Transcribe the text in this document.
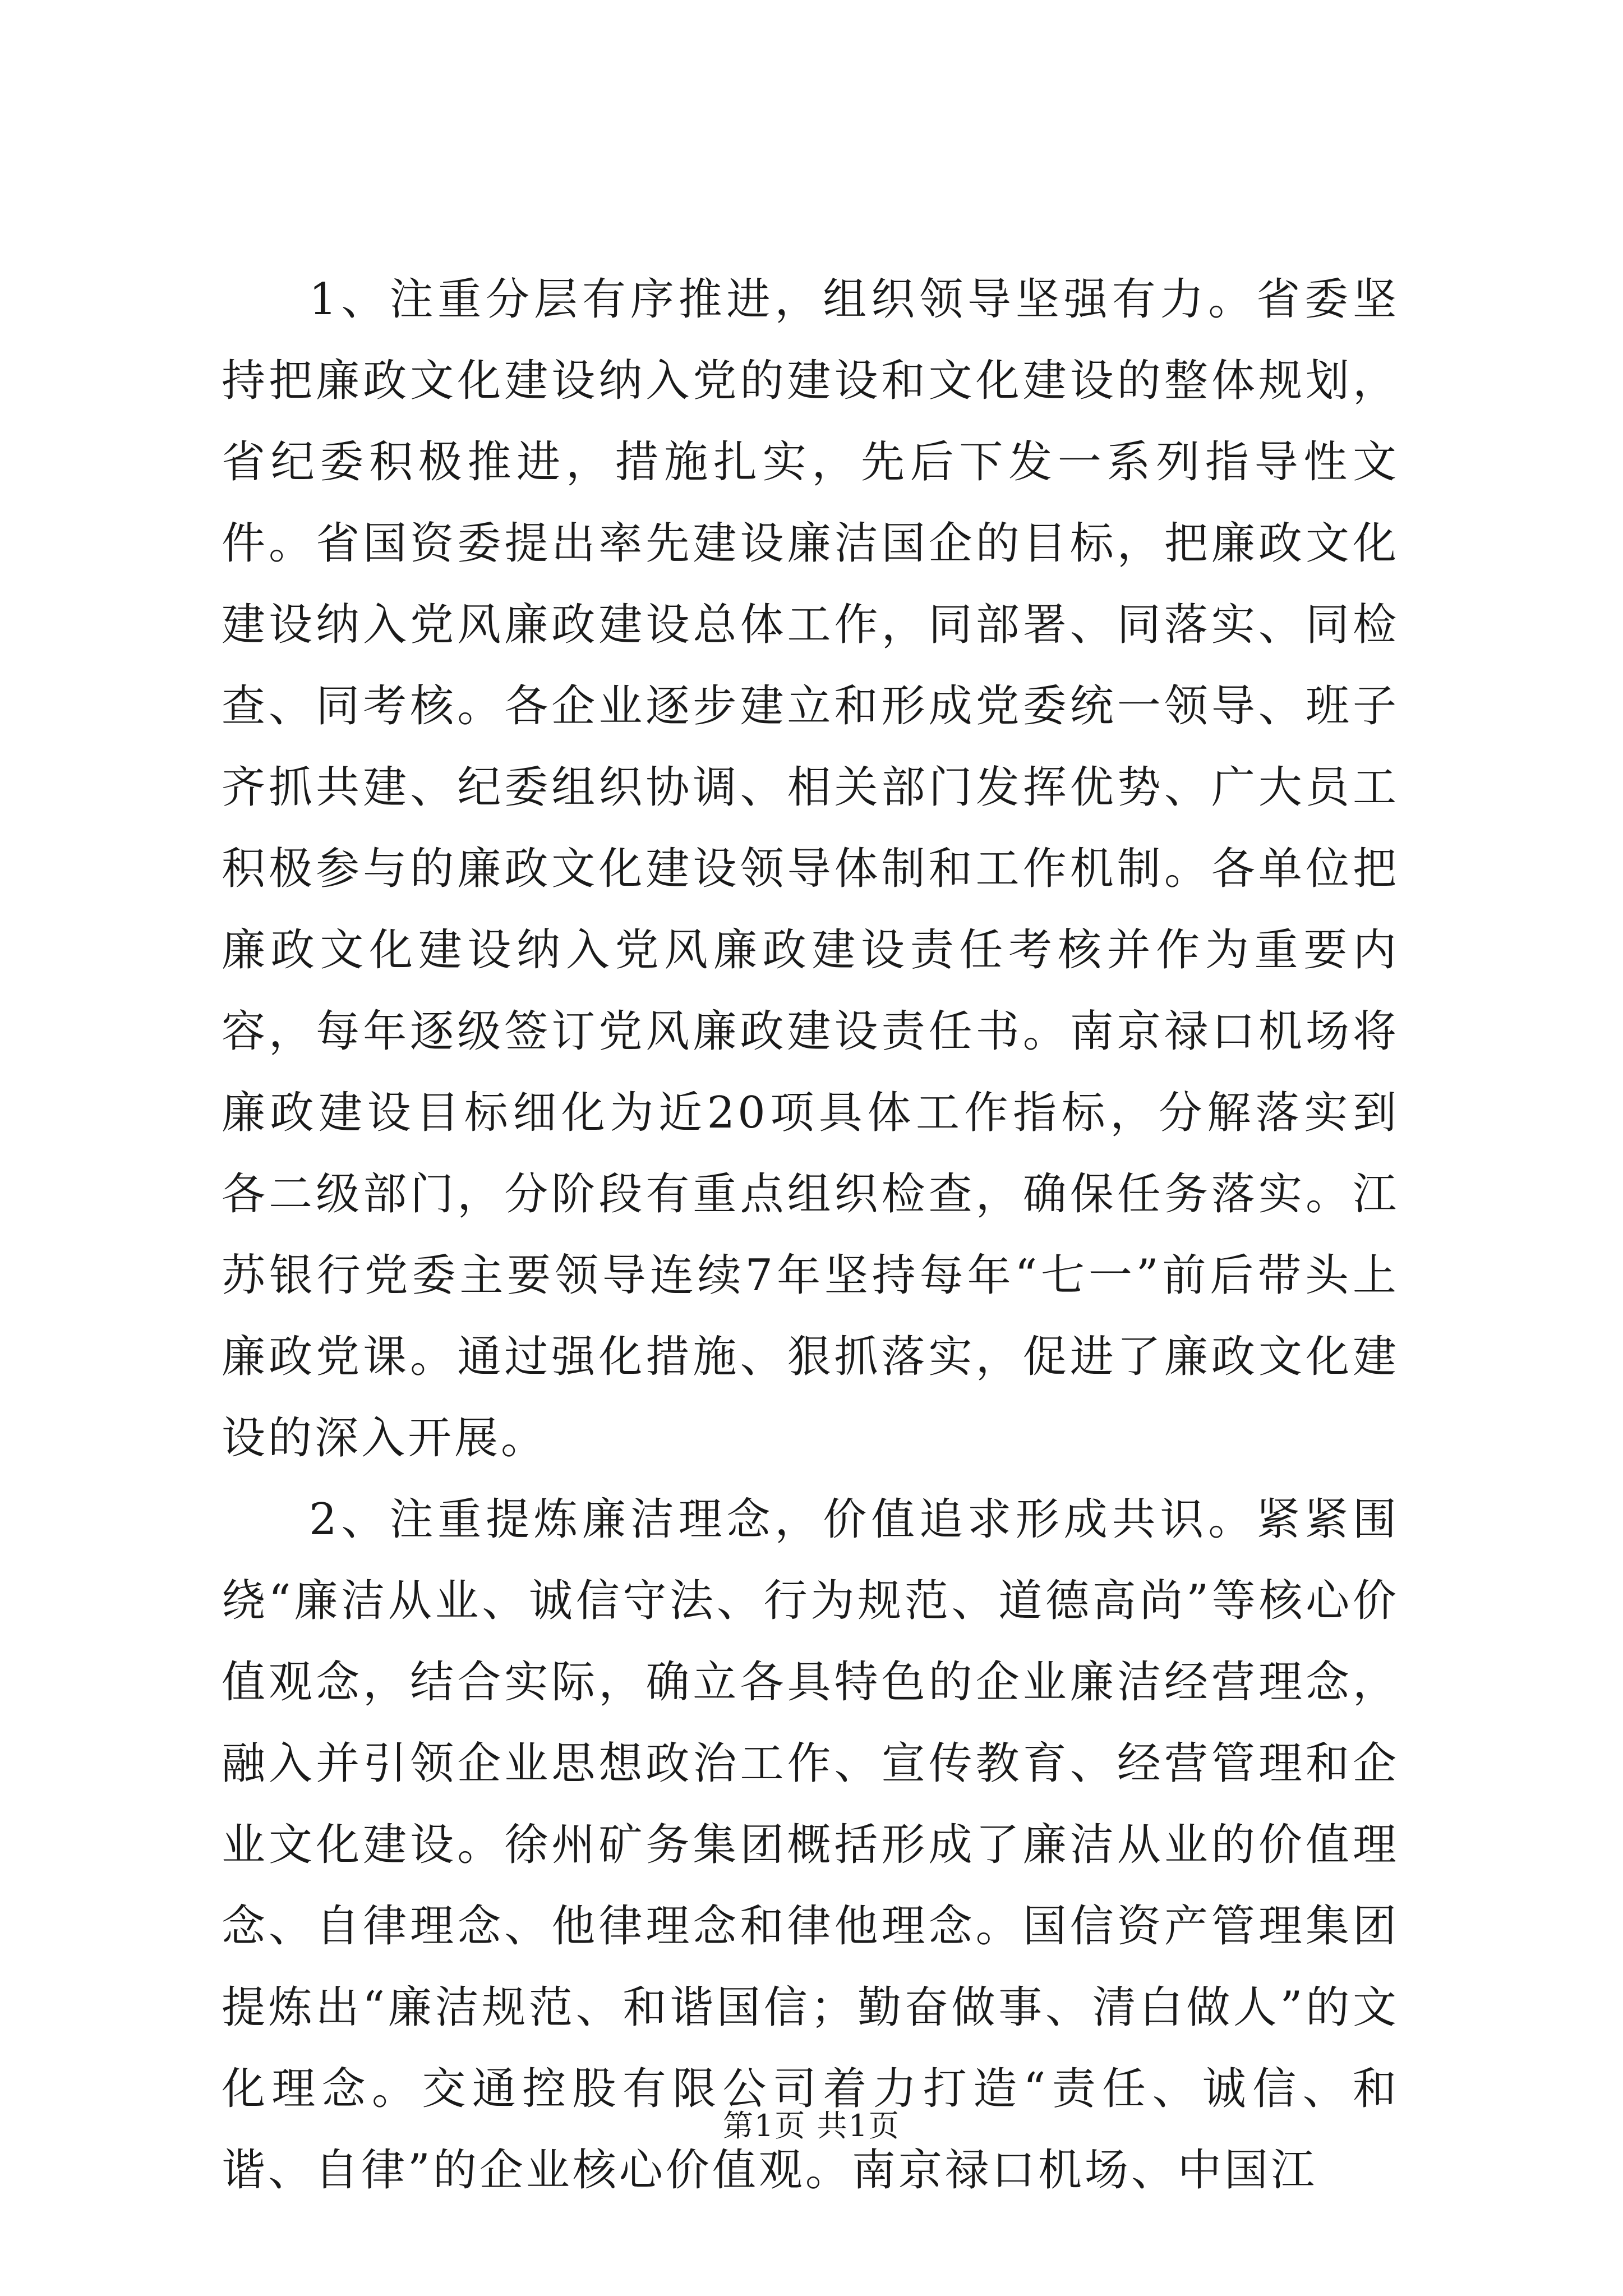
1、注重分层有序推进，组织领导坚强有力。省委坚持把廉政文化建设纳入党的建设和文化建设的整体规划，省纪委积极推进，措施扎实，先后下发一系列指导性文件。省国资委提出率先建设廉洁国企的目标，把廉政文化建设纳入党风廉政建设总体工作，同部署、同落实、同检查、同考核。各企业逐步建立和形成党委统一领导、班子齐抓共建、纪委组织协调、相关部门发挥优势、广大员工积极参与的廉政文化建设领导体制和工作机制。各单位把廉政文化建设纳入党风廉政建设责任考核并作为重要内容，每年逐级签订党风廉政建设责任书。南京禄口机场将廉政建设目标细化为近20项具体工作指标，分解落实到各二级部门，分阶段有重点组织检查，确保任务落实。江苏银行党委主要领导连续7年坚持每年“七一”前后带头上廉政党课。通过强化措施、狠抓落实，促进了廉政文化建设的深入开展。

2、注重提炼廉洁理念，价值追求形成共识。紧紧围绕“廉洁从业、诚信守法、行为规范、道德高尚”等核心价值观念，结合实际，确立各具特色的企业廉洁经营理念，融入并引领企业思想政治工作、宣传教育、经营管理和企业文化建设。徐州矿务集团概括形成了廉洁从业的价值理念、自律理念、他律理念和律他理念。国信资产管理集团提炼出“廉洁规范、和谐国信；勤奋做事、清白做人”的文化理念。交通控股有限公司着力打造“责任、诚信、和谐、自律”的企业核心价值观。南京禄口机场、中国江

第1页 共1页
